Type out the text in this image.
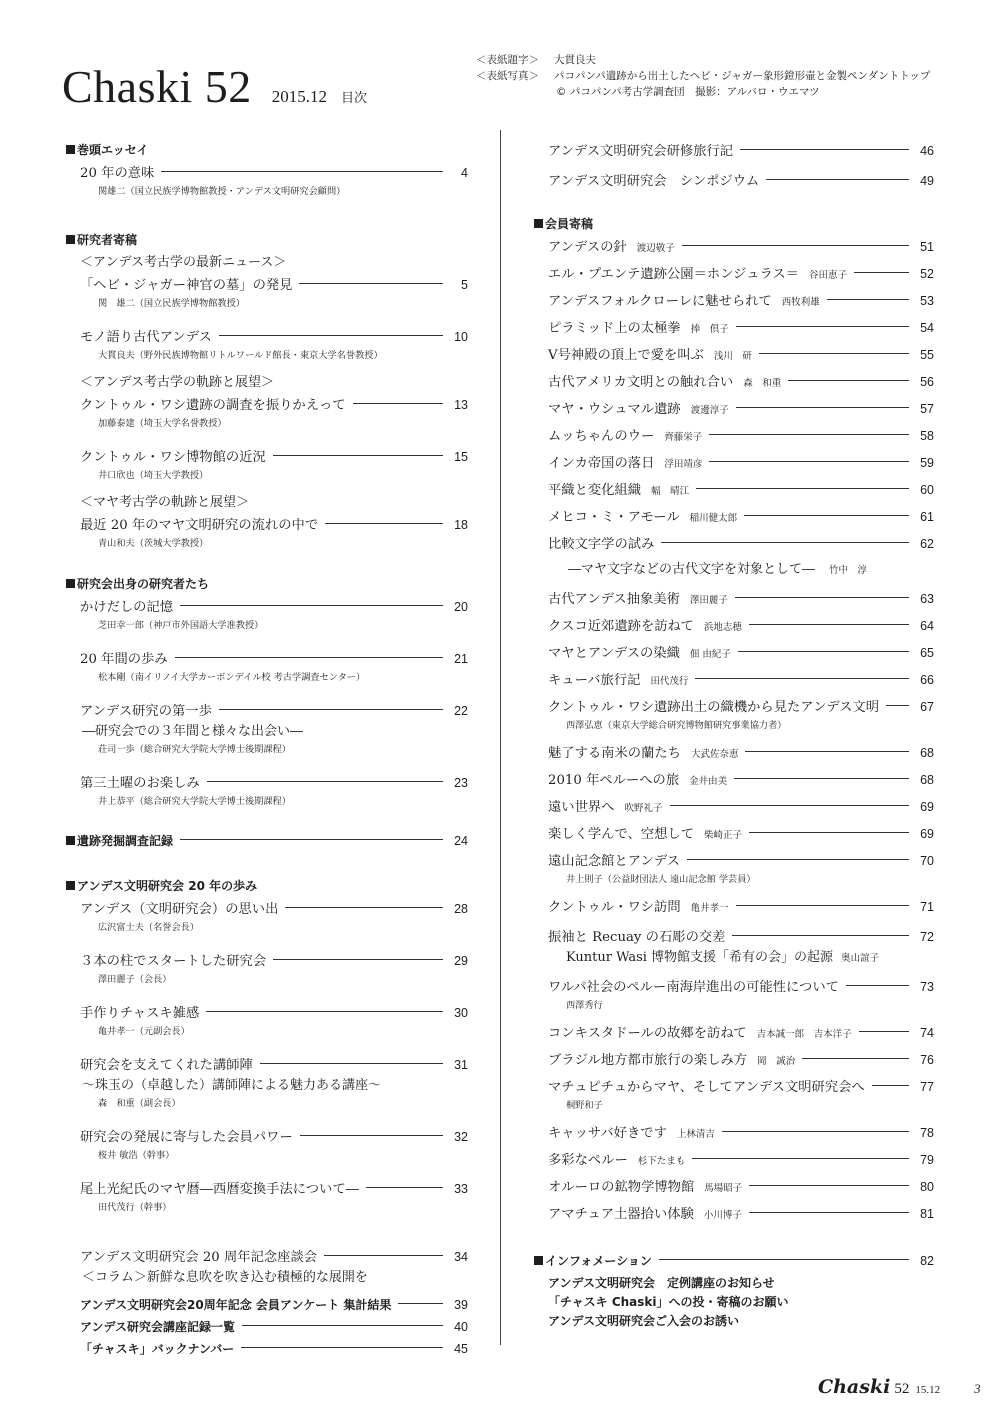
Chaski 52 2015.12 目次
＜表紙題字＞ 大貫良夫
＜表紙写真＞ パコパンパ遺跡から出土したヘビ・ジャガー象形鐙形壷と金製ペンダントトップ
© パコパンパ考古学調査団　撮影：アルバロ・ウエマツ
巻頭エッセイ
20 年の意味	4
関雄二（国立民族学博物館教授・アンデス文明研究会顧問）
研究者寄稿
＜アンデス考古学の最新ニュース＞
「ヘビ・ジャガー神官の墓」の発見	5
関　雄二（国立民族学博物館教授）
モノ語り古代アンデス	10
大貫良夫（野外民族博物館リトルワールド館長・東京大学名誉教授）
＜アンデス考古学の軌跡と展望＞
クントゥル・ワシ遺跡の調査を振りかえって	13
加藤泰建（埼玉大学名誉教授）
クントゥル・ワシ博物館の近況	15
井口欣也（埼玉大学教授）
＜マヤ考古学の軌跡と展望＞
最近 20 年のマヤ文明研究の流れの中で	18
青山和夫（茨城大学教授）
研究会出身の研究者たち
かけだしの記憶	20
芝田幸一郎（神戸市外国語大学准教授）
20 年間の歩み	21
松本剛（南イリノイ大学カーボンデイル校 考古学調査センター）
アンデス研究の第一歩	22
―研究会での３年間と様々な出会い―
荘司一歩（総合研究大学院大学博士後期課程）
第三土曜のお楽しみ	23
井上恭平（総合研究大学院大学博士後期課程）
遺跡発掘調査記録	24
アンデス文明研究会 20 年の歩み
アンデス（文明研究会）の思い出	28
広沢富士夫（名誉会長）
３本の柱でスタートした研究会	29
澤田麗子（会長）
手作りチャスキ雑感	30
亀井孝一（元副会長）
研究会を支えてくれた講師陣	31
～珠玉の（卓越した）講師陣による魅力ある講座～
森　和重（副会長）
研究会の発展に寄与した会員パワー	32
桜井 敏浩（幹事）
尾上光紀氏のマヤ暦―西暦変換手法について―	33
田代茂行（幹事）
アンデス文明研究会 20 周年記念座談会	34
＜コラム＞新鮮な息吹を吹き込む積極的な展開を
アンデス文明研究会20周年記念 会員アンケート 集計結果	39
アンデス研究会講座記録一覧	40
「チャスキ」バックナンバー	45
アンデス文明研究会研修旅行記	46
アンデス文明研究会　シンポジウム	49
会員寄稿
アンデスの針 渡辺敬子	51
エル・プエンテ遺跡公園＝ホンジュラス＝ 谷田恵子	52
アンデスフォルクローレに魅せられて 西牧利雄	53
ピラミッド上の太極拳 捧　倶子	54
V号神殿の頂上で愛を叫ぶ 浅川　研	55
古代アメリカ文明との触れ合い 森　和重	56
マヤ・ウシュマル遺跡 渡邊淳子	57
ムッちゃんのウー 齊藤栄子	58
インカ帝国の落日 浮田靖彦	59
平織と変化組織 幅　晴江	60
メヒコ・ミ・アモール 稲川健太郎	61
比較文字学の試み	62
―マヤ文字などの古代文字を対象として― 竹中　淳
古代アンデス抽象美術 澤田麗子	63
クスコ近郊遺跡を訪ねて 浜地志穂	64
マヤとアンデスの染織 佃 由紀子	65
キューバ旅行記 田代茂行	66
クントゥル・ワシ遺跡出土の織機から見たアンデス文明	67
西澤弘恵（東京大学総合研究博物館研究事業協力者）
魅了する南米の蘭たち 大武佐奈恵	68
2010 年ペルーへの旅 金井由美	68
遠い世界へ 吹野礼子	69
楽しく学んで、空想して 柴崎正子	69
遠山記念館とアンデス	70
井上則子（公益財団法人 遠山記念館 学芸員）
クントゥル・ワシ訪問 亀井孝一	71
振袖と Recuay の石彫の交差	72
Kuntur Wasi 博物館支援「希有の会」の起源 奥山誼子
ワルパ社会のペルー南海岸進出の可能性について	73
西澤秀行
コンキスタドールの故郷を訪ねて 吉本誠一郎　吉本洋子	74
ブラジル地方都市旅行の楽しみ方 岡　誠治	76
マチュピチュからマヤ、そしてアンデス文明研究会へ	77
桐野和子
キャッサバ好きです 上林清吉	78
多彩なペルー 杉下たまも	79
オルーロの鉱物学博物館 馬場昭子	80
アマチュア土器拾い体験 小川博子	81
インフォメーション	82
アンデス文明研究会　定例講座のお知らせ
「チャスキ Chaski」への投・寄稿のお願い
アンデス文明研究会ご入会のお誘い
Chaski 52 15.12	3
